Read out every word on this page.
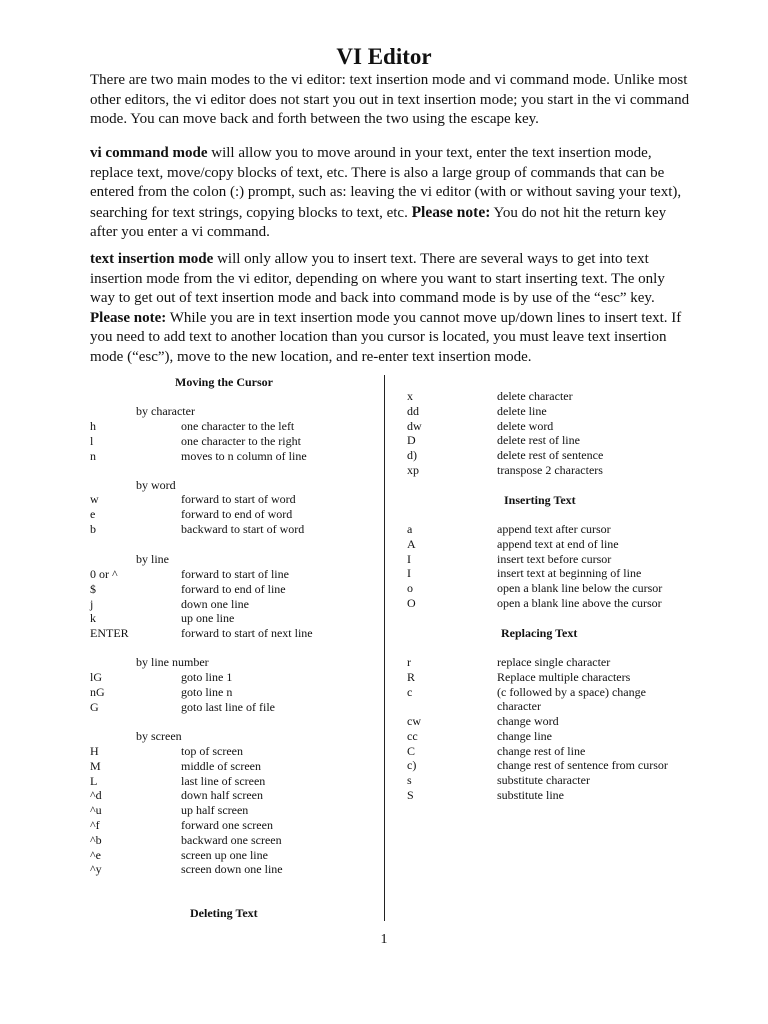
VI Editor
There are two main modes to the vi editor: text insertion mode and vi command mode. Unlike most other editors, the vi editor does not start you out in text insertion mode; you start in the vi command mode. You can move back and forth between the two using the escape key.
vi command mode will allow you to move around in your text, enter the text insertion mode, replace text, move/copy blocks of text, etc. There is also a large group of commands that can be entered from the colon (:) prompt, such as: leaving the vi editor (with or without saving your text), searching for text strings, copying blocks to text, etc. Please note: You do not hit the return key after you enter a vi command.
text insertion mode will only allow you to insert text. There are several ways to get into text insertion mode from the vi editor, depending on where you want to start inserting text. The only way to get out of text insertion mode and back into command mode is by use of the “esc” key. Please note: While you are in text insertion mode you cannot move up/down lines to insert text. If you need to add text to another location than you cursor is located, you must leave text insertion mode (“esc”), move to the new location, and re-enter text insertion mode.
Moving the Cursor
by character
by word
by line
by line number
by screen
Deleting Text
Inserting Text
Replacing Text
1
h	one character to the left
l	one character to the right
n	moves to n column of line
w	forward to start of word
e	forward to end of word
b	backward to start of word
0 or ^	forward to start of line
$	forward to end of line
j	down one line
k	up one line
ENTER	forward to start of next line
lG	goto line 1
nG	goto line n
G	goto last line of file
H	top of screen
M	middle of screen
L	last line of screen
^d	down half screen
^u	up half screen
^f	forward one screen
^b	backward one screen
^e	screen up one line
^y	screen down one line
x	delete character
dd	delete line
dw	delete word
D	delete rest of line
d)	delete rest of sentence
xp	transpose 2 characters
a	append text after cursor
A	append text at end of line
I	insert text before cursor
I	insert text at beginning of line
o	open a blank line below the cursor
O	open a blank line above the cursor
r	replace single character
R	Replace multiple characters
c	(c followed by a space) change
character
cw	change word
cc	change line
C	change rest of line
c)	change rest of sentence from cursor
s	substitute character
S	substitute line
